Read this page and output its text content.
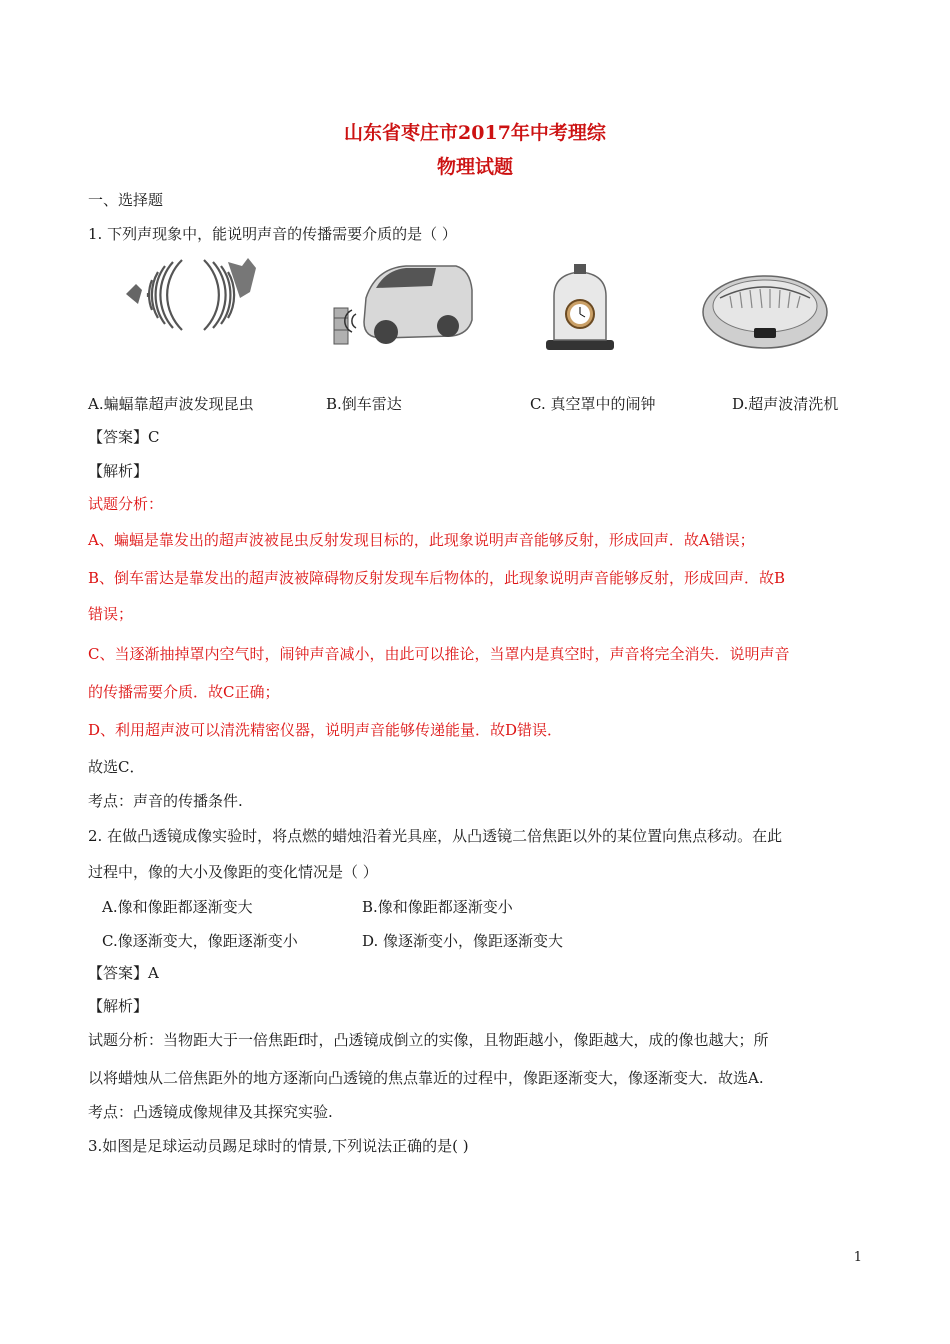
山东省枣庄市2017年中考理综
物理试题
一、选择题
1. 下列声现象中，能说明声音的传播需要介质的是（ ）
A.蝙蝠靠超声波发现昆虫	B.倒车雷达	C. 真空罩中的闹钟	D.超声波清洗机
【答案】C
【解析】
试题分析：
A、蝙蝠是靠发出的超声波被昆虫反射发现目标的，此现象说明声音能够反射，形成回声．故A错误；
B、倒车雷达是靠发出的超声波被障碍物反射发现车后物体的，此现象说明声音能够反射，形成回声．故B
错误；
C、当逐渐抽掉罩内空气时，闹钟声音减小，由此可以推论，当罩内是真空时，声音将完全消失．说明声音
的传播需要介质．故C正确；
D、利用超声波可以清洗精密仪器，说明声音能够传递能量．故D错误．
故选C．
考点：声音的传播条件.
2. 在做凸透镜成像实验时，将点燃的蜡烛沿着光具座，从凸透镜二倍焦距以外的某位置向焦点移动。在此
过程中，像的大小及像距的变化情况是（ ）
A.像和像距都逐渐变大	B.像和像距都逐渐变小
C.像逐渐变大，像距逐渐变小	D. 像逐渐变小，像距逐渐变大
【答案】A
【解析】
试题分析：当物距大于一倍焦距f时，凸透镜成倒立的实像，且物距越小，像距越大，成的像也越大；所
以将蜡烛从二倍焦距外的地方逐渐向凸透镜的焦点靠近的过程中，像距逐渐变大，像逐渐变大．故选A.
考点：凸透镜成像规律及其探究实验.
3.如图是足球运动员踢足球时的情景,下列说法正确的是( )
1
